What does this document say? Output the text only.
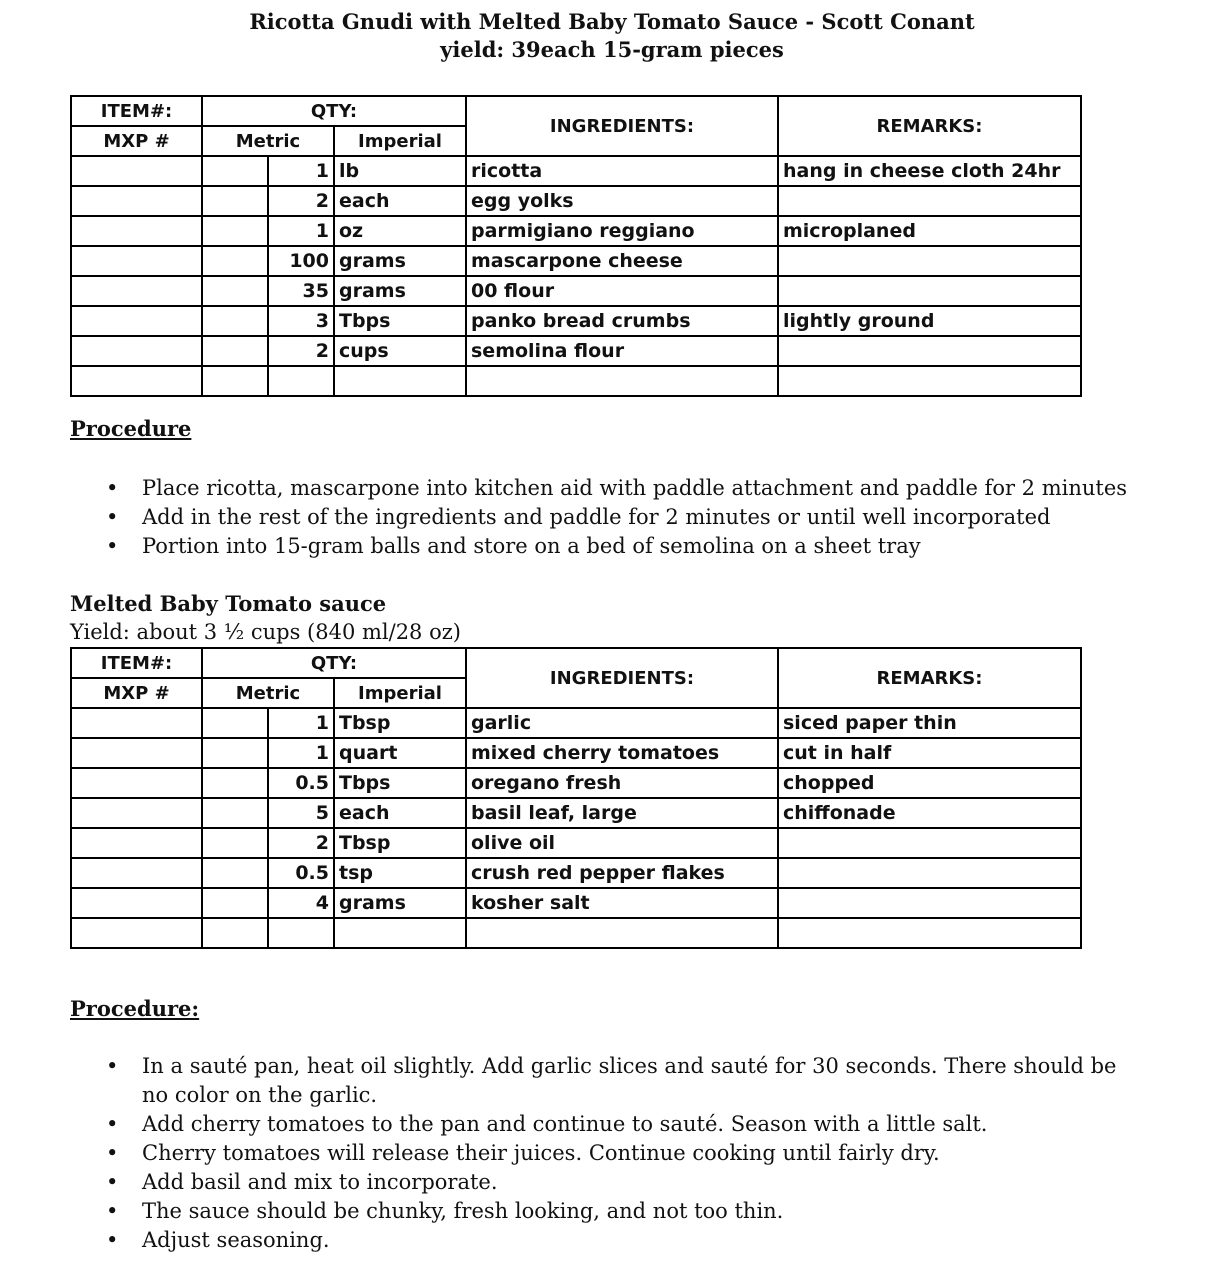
Ricotta Gnudi with Melted Baby Tomato Sauce - Scott Conant
yield: 39each 15-gram pieces
ITEM#:	QTY:			INGREDIENTS:	REMARKS:
MXP #	Metric		Imperial		
		1	lb	ricotta	hang in cheese cloth 24hr
		2	each	egg yolks	
		1	oz	parmigiano reggiano	microplaned
		100	grams	mascarpone cheese	
		35	grams	00 flour	
		3	Tbps	panko bread crumbs	lightly ground
		2	cups	semolina flour	

Procedure
• Place ricotta, mascarpone into kitchen aid with paddle attachment and paddle for 2 minutes
• Add in the rest of the ingredients and paddle for 2 minutes or until well incorporated
• Portion into 15-gram balls and store on a bed of semolina on a sheet tray
Melted Baby Tomato sauce
Yield: about 3 ½ cups (840 ml/28 oz)
ITEM#:	QTY:			INGREDIENTS:	REMARKS:
MXP #	Metric		Imperial		
		1	Tbsp	garlic	siced paper thin
		1	quart	mixed cherry tomatoes	cut in half
		0.5	Tbps	oregano fresh	chopped
		5	each	basil leaf, large	chiffonade
		2	Tbsp	olive oil	
		0.5	tsp	crush red pepper flakes	
		4	grams	kosher salt	

Procedure:
• In a sauté pan, heat oil slightly. Add garlic slices and sauté for 30 seconds. There should be no color on the garlic.
• Add cherry tomatoes to the pan and continue to sauté. Season with a little salt.
• Cherry tomatoes will release their juices. Continue cooking until fairly dry.
• Add basil and mix to incorporate.
• The sauce should be chunky, fresh looking, and not too thin.
• Adjust seasoning.
